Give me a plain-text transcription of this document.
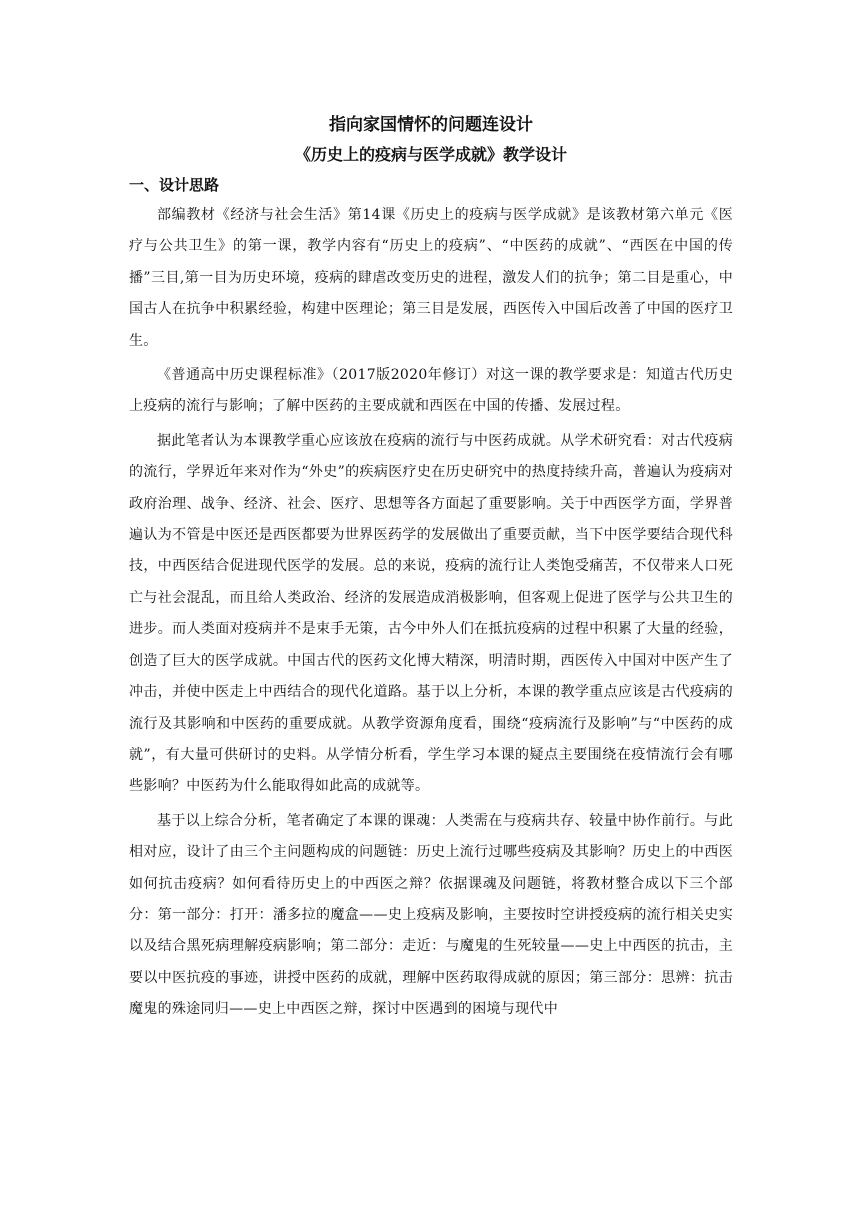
指向家国情怀的问题连设计
《历史上的疫病与医学成就》教学设计
一、设计思路

部编教材《经济与社会生活》第14课《历史上的疫病与医学成就》是该教材第六单元《医疗与公共卫生》的第一课，教学内容有“历史上的疫病”、“中医药的成就”、“西医在中国的传播”三目,第一目为历史环境，疫病的肆虐改变历史的进程，激发人们的抗争；第二目是重心，中国古人在抗争中积累经验，构建中医理论；第三目是发展，西医传入中国后改善了中国的医疗卫生。

《普通高中历史课程标准》（2017版2020年修订）对这一课的教学要求是：知道古代历史上疫病的流行与影响；了解中医药的主要成就和西医在中国的传播、发展过程。

据此笔者认为本课教学重心应该放在疫病的流行与中医药成就。从学术研究看：对古代疫病的流行，学界近年来对作为“外史”的疾病医疗史在历史研究中的热度持续升高，普遍认为疫病对政府治理、战争、经济、社会、医疗、思想等各方面起了重要影响。关于中西医学方面，学界普遍认为不管是中医还是西医都要为世界医药学的发展做出了重要贡献，当下中医学要结合现代科技，中西医结合促进现代医学的发展。总的来说，疫病的流行让人类饱受痛苦，不仅带来人口死亡与社会混乱，而且给人类政治、经济的发展造成消极影响，但客观上促进了医学与公共卫生的进步。而人类面对疫病并不是束手无策，古今中外人们在抵抗疫病的过程中积累了大量的经验，创造了巨大的医学成就。中国古代的医药文化博大精深，明清时期，西医传入中国对中医产生了冲击，并使中医走上中西结合的现代化道路。基于以上分析，本课的教学重点应该是古代疫病的流行及其影响和中医药的重要成就。从教学资源角度看，围绕“疫病流行及影响”与“中医药的成就”，有大量可供研讨的史料。从学情分析看，学生学习本课的疑点主要围绕在疫情流行会有哪些影响？中医药为什么能取得如此高的成就等。

基于以上综合分析，笔者确定了本课的课魂：人类需在与疫病共存、较量中协作前行。与此相对应，设计了由三个主问题构成的问题链：历史上流行过哪些疫病及其影响？历史上的中西医如何抗击疫病？如何看待历史上的中西医之辩？依据课魂及问题链，将教材整合成以下三个部分：第一部分：打开：潘多拉的魔盒——史上疫病及影响，主要按时空讲授疫病的流行相关史实以及结合黑死病理解疫病影响；第二部分：走近：与魔鬼的生死较量——史上中西医的抗击，主要以中医抗疫的事迹，讲授中医药的成就，理解中医药取得成就的原因；第三部分：思辨：抗击魔鬼的殊途同归——史上中西医之辩，探讨中医遇到的困境与现代中
